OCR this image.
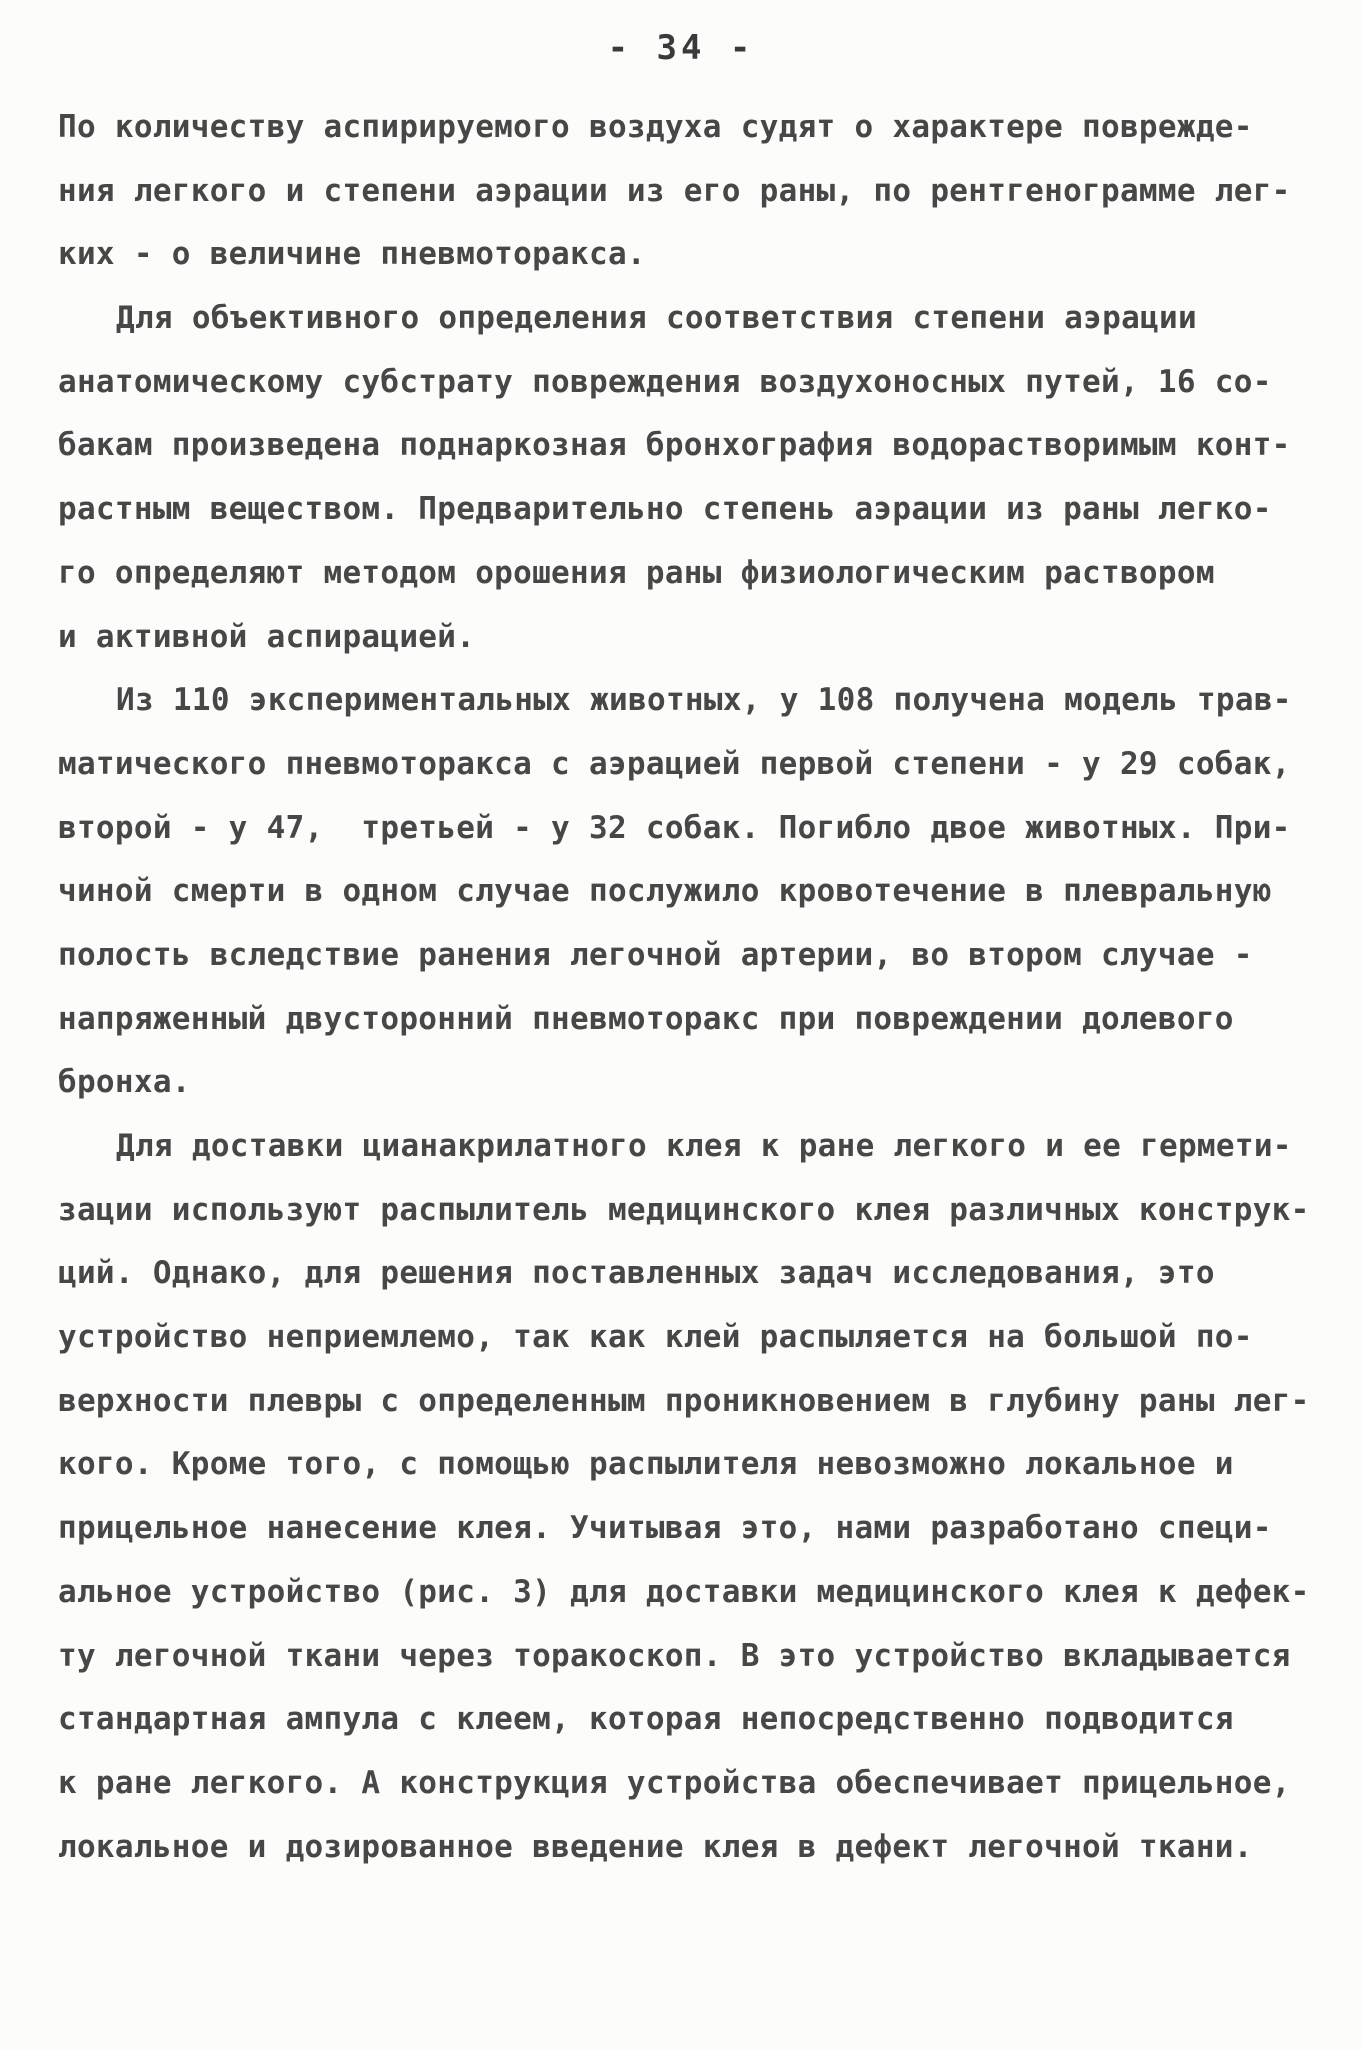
- 34 -
По количеству аспирируемого воздуха судят о характере поврежде-
ния легкого и степени аэрации из его раны, по рентгенограмме лег-
ких - о величине пневмоторакса.
Для объективного определения соответствия степени аэрации
анатомическому субстрату повреждения воздухоносных путей, 16 со-
бакам произведена поднаркозная бронхография водорастворимым конт-
растным веществом. Предварительно степень аэрации из раны легко-
го определяют методом орошения раны физиологическим раствором
и активной аспирацией.
Из 110 экспериментальных животных, у 108 получена модель трав-
матического пневмоторакса с аэрацией первой степени - у 29 собак,
второй - у 47,  третьей - у 32 собак. Погибло двое животных. При-
чиной смерти в одном случае послужило кровотечение в плевральную
полость вследствие ранения легочной артерии, во втором случае -
напряженный двусторонний пневмоторакс при повреждении долевого
бронха.
Для доставки цианакрилатного клея к ране легкого и ее гермети-
зации используют распылитель медицинского клея различных конструк-
ций. Однако, для решения поставленных задач исследования, это
устройство неприемлемо, так как клей распыляется на большой по-
верхности плевры с определенным проникновением в глубину раны лег-
кого. Кроме того, с помощью распылителя невозможно локальное и
прицельное нанесение клея. Учитывая это, нами разработано специ-
альное устройство (рис. 3) для доставки медицинского клея к дефек-
ту легочной ткани через торакоскоп. В это устройство вкладывается
стандартная ампула с клеем, которая непосредственно подводится
к ране легкого. А конструкция устройства обеспечивает прицельное,
локальное и дозированное введение клея в дефект легочной ткани.
